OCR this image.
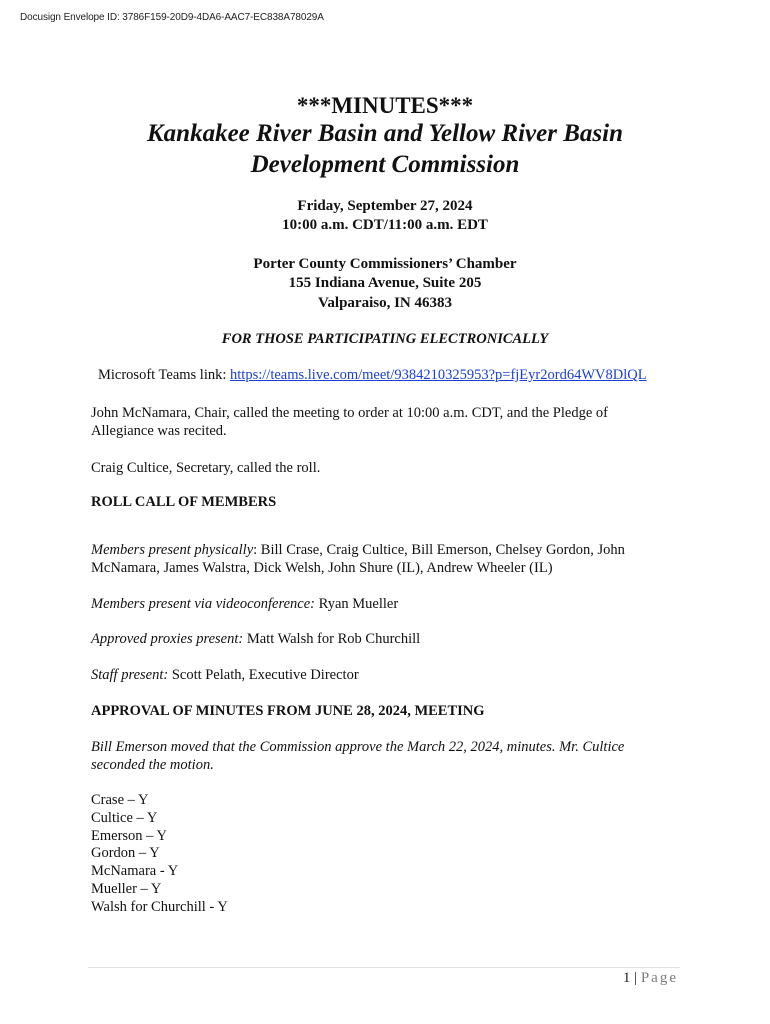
Docusign Envelope ID: 3786F159-20D9-4DA6-AAC7-EC838A78029A
***MINUTES***
Kankakee River Basin and Yellow River Basin
Development Commission
Friday, September 27, 2024
10:00 a.m. CDT/11:00 a.m. EDT
Porter County Commissioners’ Chamber
155 Indiana Avenue, Suite 205
Valparaiso, IN 46383
FOR THOSE PARTICIPATING ELECTRONICALLY
Microsoft Teams link: https://teams.live.com/meet/9384210325953?p=fjEyr2ord64WV8DlQL
John McNamara, Chair, called the meeting to order at 10:00 a.m. CDT, and the Pledge of Allegiance was recited.
Craig Cultice, Secretary, called the roll.
ROLL CALL OF MEMBERS
Members present physically: Bill Crase, Craig Cultice, Bill Emerson, Chelsey Gordon, John McNamara, James Walstra, Dick Welsh, John Shure (IL), Andrew Wheeler (IL)
Members present via videoconference: Ryan Mueller
Approved proxies present: Matt Walsh for Rob Churchill
Staff present: Scott Pelath, Executive Director
APPROVAL OF MINUTES FROM JUNE 28, 2024, MEETING
Bill Emerson moved that the Commission approve the March 22, 2024, minutes. Mr. Cultice seconded the motion.
Crase – Y
Cultice – Y
Emerson – Y
Gordon – Y
McNamara - Y
Mueller – Y
Walsh for Churchill - Y
1 | Page
